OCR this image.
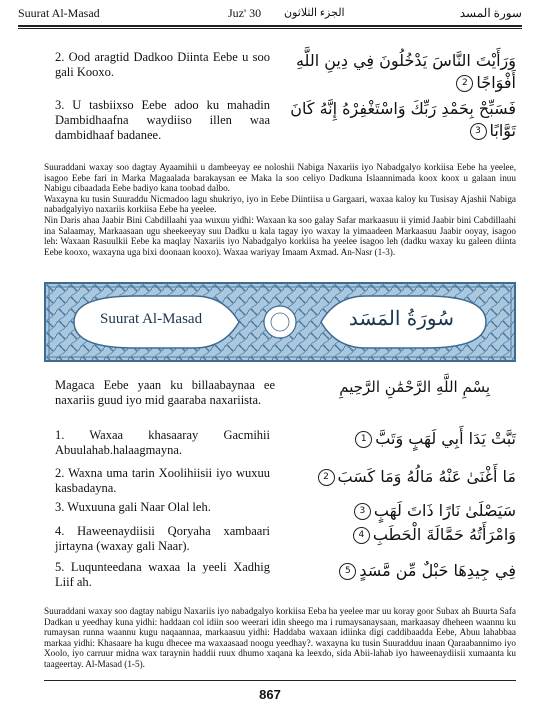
Suurat Al-Masad	Juz' 30 الجزء الثلاثون	سورة المسد
2. Ood aragtid Dadkoo Diinta Eebe u soo gali Kooxo.
وَرَأَيْتَ النَّاسَ يَدْخُلُونَ فِي دِينِ اللَّهِ أَفْوَاجًا2
3. U tasbiixso Eebe adoo ku mahadin Dambidhaafna waydiiso illen waa dambidhaaf badanee.
فَسَبِّحْ بِحَمْدِ رَبِّكَ وَاسْتَغْفِرْهُ إِنَّهُ كَانَ تَوَّابًا3

Suuraddani waxay soo dagtay Ayaamihii u dambeeyay ee noloshii Nabiga Naxariis iyo Nabadgalyo korkiisa Eebe ha yeelee, isagoo Eebe fari in Marka Magaalada barakaysan ee Maka la soo celiyo Dadkuna Islaannimada koox koox u galaan inuu Nabigu cibaadada Eebe badiyo kana toobad dalbo.

Waxayna ku tusin Suuraddu Nicmadoo lagu shukriyo, iyo in Eebe Diintiisa u Gargaari, waxaa kaloy ku Tusisay Ajashii Nabiga nabadgalyiyo naxariis korkiisa Eebe ha yeelee.

Nin Daris ahaa Jaabir Bini Cabdillaahi yaa wuxuu yidhi: Waxaan ka soo galay Safar markaasuu ii yimid Jaabir bini Cabdillaahi ina Salaamay, Markaasaan ugu sheekeeyay suu Dadku u kala tagay iyo waxay la yimaadeen Markaasuu Jaabir ooyay, isagoo leh: Waxaan Rasuulkii Eebe ka maqlay Naxariis iyo Nabadgalyo korkiisa ha yeelee isagoo leh (dadku waxay ku galeen diinta Eebe kooxo, waxayna uga bixi doonaan kooxo). Waxaa wariyay Imaam Axmad. An-Nasr (1-3).

Suurat Al-Masad	سُورَةُ المَسَد
Magaca Eebe yaan ku billaabaynaa ee naxariis guud iyo mid gaaraba naxariista.
بِسْمِ اللَّهِ الرَّحْمَٰنِ الرَّحِيمِ
1. Waxaa khasaaray Gacmihii Abuulahab.halaagmayna.
تَبَّتْ يَدَا أَبِي لَهَبٍ وَتَبَّ1
2. Waxna uma tarin Xoolihiisii iyo wuxuu kasbadayna.
مَا أَغْنَىٰ عَنْهُ مَالُهُ وَمَا كَسَبَ2
3. Wuxuuna gali Naar Olal leh.	سَيَصْلَىٰ نَارًا ذَاتَ لَهَبٍ3
4. Haweenaydiisii Qoryaha xambaari jirtayna (waxay gali Naar).
وَامْرَأَتُهُ حَمَّالَةَ الْحَطَبِ4
5. Luqunteedana waxaa la yeeli Xadhig Liif ah.
فِي جِيدِهَا حَبْلٌ مِّن مَّسَدٍ5

Suuraddani waxay soo dagtay nabigu Naxariis iyo nabadgalyo korkiisa Eeba ha yeelee mar uu koray goor Subax ah Buurta Safa Dadkan u yeedhay kuna yidhi: haddaan col idiin soo weerari idin sheego ma i rumaysanaysaan, markaasay dheheen waannu ku rumaysan runna waannu kugu naqaannaa, markaasuu yidhi: Haddaba waxaan idiinka digi caddibaadda Eebe, Abuu lahabbaa markaa yidhi: Khasaare ha kugu dhecee ma waxaasaad noogu yeedhay?. waxayna ku tusin Suuradduu inaan Qaraabannimo iyo Xoolo, iyo carruur midna wax taraynin haddii ruux dhumo xaqana ka leexdo, sida Abii-lahab iyo haweenaydiisii xumaanta ku taageertay. Al-Masad (1-5).

867
